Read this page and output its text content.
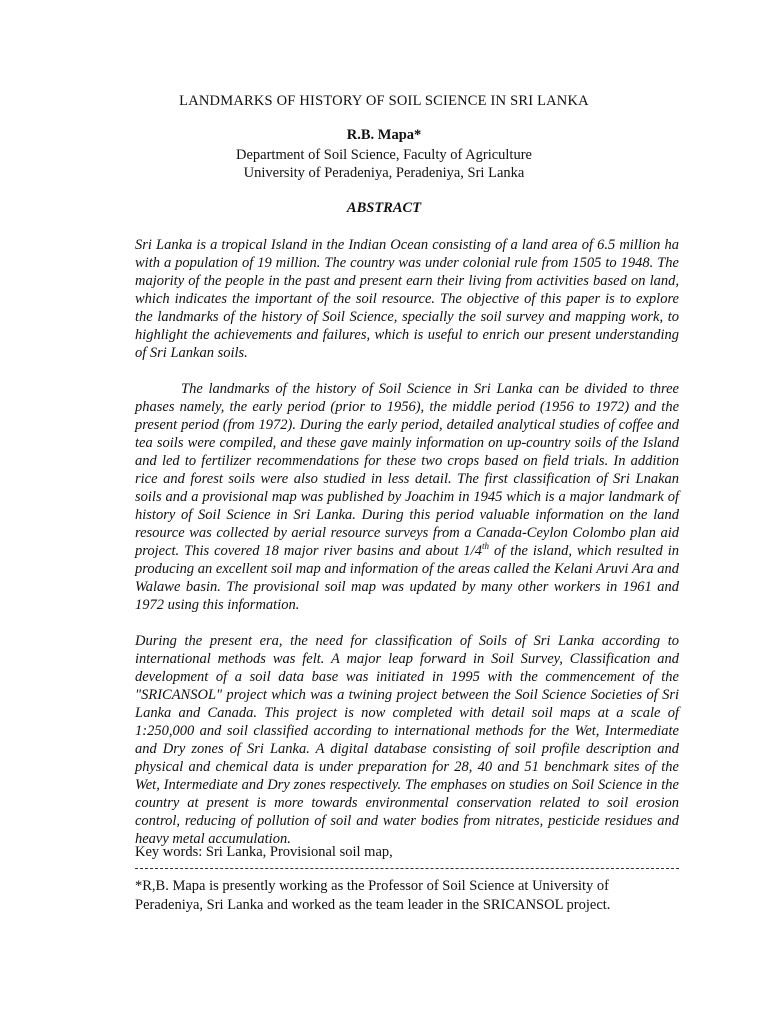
LANDMARKS OF HISTORY OF SOIL SCIENCE IN SRI LANKA
R.B. Mapa*
Department of Soil Science, Faculty of Agriculture
University of Peradeniya, Peradeniya, Sri Lanka
ABSTRACT

Sri Lanka is a tropical Island in the Indian Ocean consisting of a land area of 6.5 million ha with a population of 19 million. The country was under colonial rule from 1505 to 1948. The majority of the people in the past and present earn their living from activities based on land, which indicates the important of the soil resource. The objective of this paper is to explore the landmarks of the history of Soil Science, specially the soil survey and mapping work, to highlight the achievements and failures, which is useful to enrich our present understanding of Sri Lankan soils.

The landmarks of the history of Soil Science in Sri Lanka can be divided to three phases namely, the early period (prior to 1956), the middle period (1956 to 1972) and the present period (from 1972). During the early period, detailed analytical studies of coffee and tea soils were compiled, and these gave mainly information on up-country soils of the Island and led to fertilizer recommendations for these two crops based on field trials. In addition rice and forest soils were also studied in less detail. The first classification of Sri Lnakan soils and a provisional map was published by Joachim in 1945 which is a major landmark of history of Soil Science in Sri Lanka. During this period valuable information on the land resource was collected by aerial resource surveys from a Canada-Ceylon Colombo plan aid project. This covered 18 major river basins and about 1/4th of the island, which resulted in producing an excellent soil map and information of the areas called the Kelani Aruvi Ara and Walawe basin. The provisional soil map was updated by many other workers in 1961 and 1972 using this information.

During the present era, the need for classification of Soils of Sri Lanka according to international methods was felt. A major leap forward in Soil Survey, Classification and development of a soil data base was initiated in 1995 with the commencement of the "SRICANSOL" project which was a twining project between the Soil Science Societies of Sri Lanka and Canada. This project is now completed with detail soil maps at a scale of 1:250,000 and soil classified according to international methods for the Wet, Intermediate and Dry zones of Sri Lanka. A digital database consisting of soil profile description and physical and chemical data is under preparation for 28, 40 and 51 benchmark sites of the Wet, Intermediate and Dry zones respectively. The emphases on studies on Soil Science in the country at present is more towards environmental conservation related to soil erosion control, reducing of pollution of soil and water bodies from nitrates, pesticide residues and heavy metal accumulation.

Key words: Sri Lanka, Provisional soil map,

*R,B. Mapa is presently working as the Professor of Soil Science at University of Peradeniya, Sri Lanka and worked as the team leader in the SRICANSOL project.
